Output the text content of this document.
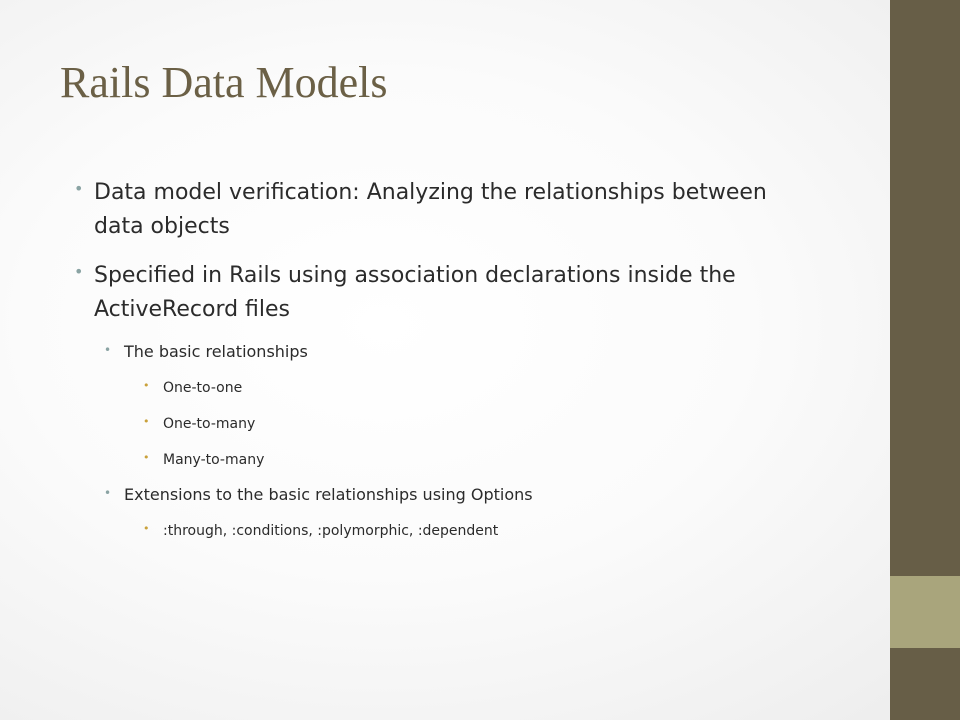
Rails Data Models
• Data model verification: Analyzing the relationships between data objects
• Specified in Rails using association declarations inside the ActiveRecord files
• The basic relationships
• One-to-one
• One-to-many
• Many-to-many
• Extensions to the basic relationships using Options
• :through, :conditions, :polymorphic, :dependent
